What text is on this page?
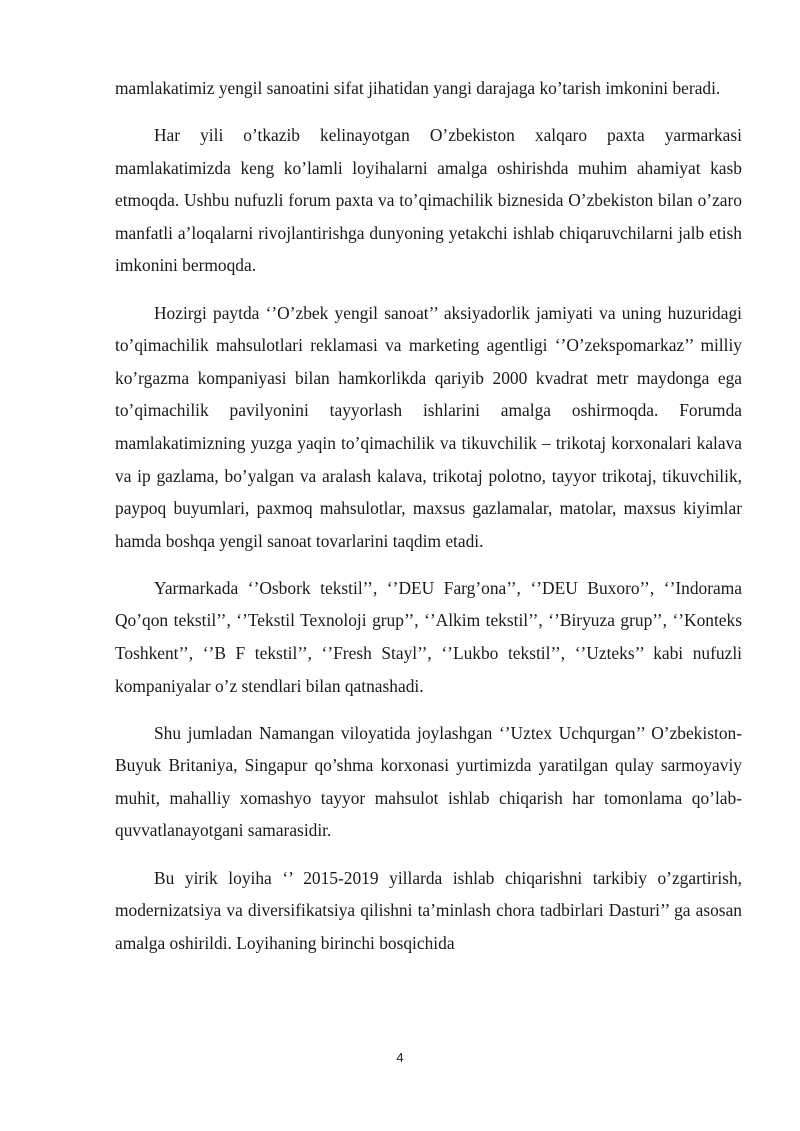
mamlakatimiz yengil sanoatini sifat jihatidan yangi darajaga ko’tarish imkonini beradi.

Har yili o’tkazib kelinayotgan O’zbekiston xalqaro paxta yarmarkasi mamlakatimizda keng ko’lamli loyihalarni amalga oshirishda muhim ahamiyat kasb etmoqda. Ushbu nufuzli forum paxta va to’qimachilik biznesida O’zbekiston bilan o’zaro manfatli a’loqalarni rivojlantirishga dunyoning yetakchi ishlab chiqaruvchilarni jalb etish imkonini bermoqda.

Hozirgi paytda ‘’O’zbek yengil sanoat’’ aksiyadorlik jamiyati va uning huzuridagi to’qimachilik mahsulotlari reklamasi va marketing agentligi ‘’O’zekspomarkaz’’ milliy ko’rgazma kompaniyasi bilan hamkorlikda qariyib 2000 kvadrat metr maydonga ega to’qimachilik pavilyonini tayyorlash ishlarini amalga oshirmoqda. Forumda mamlakatimizning yuzga yaqin to’qimachilik va tikuvchilik – trikotaj korxonalari kalava va ip gazlama, bo’yalgan va aralash kalava, trikotaj polotno, tayyor trikotaj, tikuvchilik, paypoq buyumlari, paxmoq mahsulotlar, maxsus gazlamalar, matolar, maxsus kiyimlar hamda boshqa yengil sanoat tovarlarini taqdim etadi.

Yarmarkada ‘’Osbork tekstil’’, ‘’DEU Farg’ona’’, ‘’DEU Buxoro’’, ‘’Indorama Qo’qon tekstil’’, ‘’Tekstil Texnoloji grup’’, ‘’Alkim tekstil’’, ‘’Biryuza grup’’, ‘’Konteks Toshkent’’, ‘’B F tekstil’’, ‘’Fresh Stayl’’, ‘’Lukbo tekstil’’, ‘’Uzteks’’ kabi nufuzli kompaniyalar o’z stendlari bilan qatnashadi.

Shu jumladan Namangan viloyatida joylashgan ‘’Uztex Uchqurgan’’ O’zbekiston-Buyuk Britaniya, Singapur qo’shma korxonasi yurtimizda yaratilgan qulay sarmoyaviy muhit, mahalliy xomashyo tayyor mahsulot ishlab chiqarish har tomonlama qo’lab-quvvatlanayotgani samarasidir.

Bu yirik loyiha ‘’ 2015-2019 yillarda ishlab chiqarishni tarkibiy o’zgartirish, modernizatsiya va diversifikatsiya qilishni ta’minlash chora tadbirlari Dasturi’’ ga asosan amalga oshirildi. Loyihaning birinchi bosqichida

4
